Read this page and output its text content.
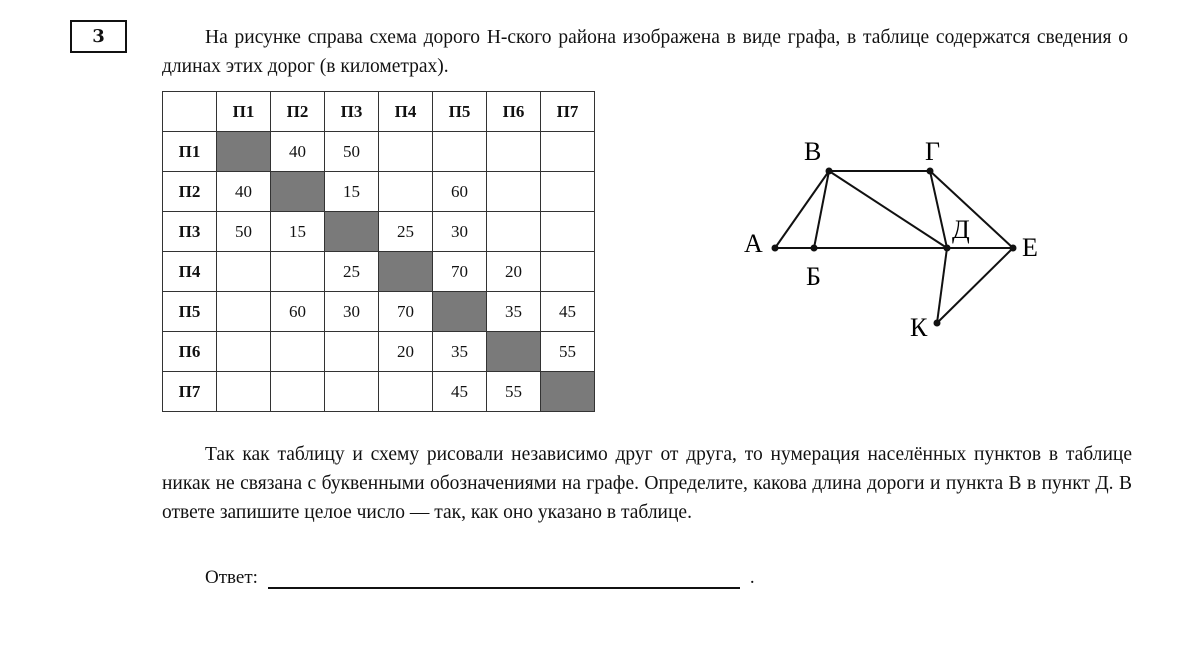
3	На рисунке справа схема дорого Н-ского района изображена в виде графа, в таблице содержатся сведения о длинах этих дорог (в километрах).

	П1	П2	П3	П4	П5	П6	П7
П1		40	50				
П2	40		15		60		
П3	50	15		25	30		
П4			25		70	20	
П5		60	30	70		35	45
П6				20	35		55
П7					45	55	
А
Б
В	Г
Д
Е
К

Так как таблицу и схему рисовали независимо друг от друга, то нумерация населённых пунктов в таблице никак не связана с буквенными обозначениями на графе. Определите, какова длина дороги и пункта В в пункт Д. В ответе запишите целое число — так, как оно указано в таблице.

Ответ:	.
